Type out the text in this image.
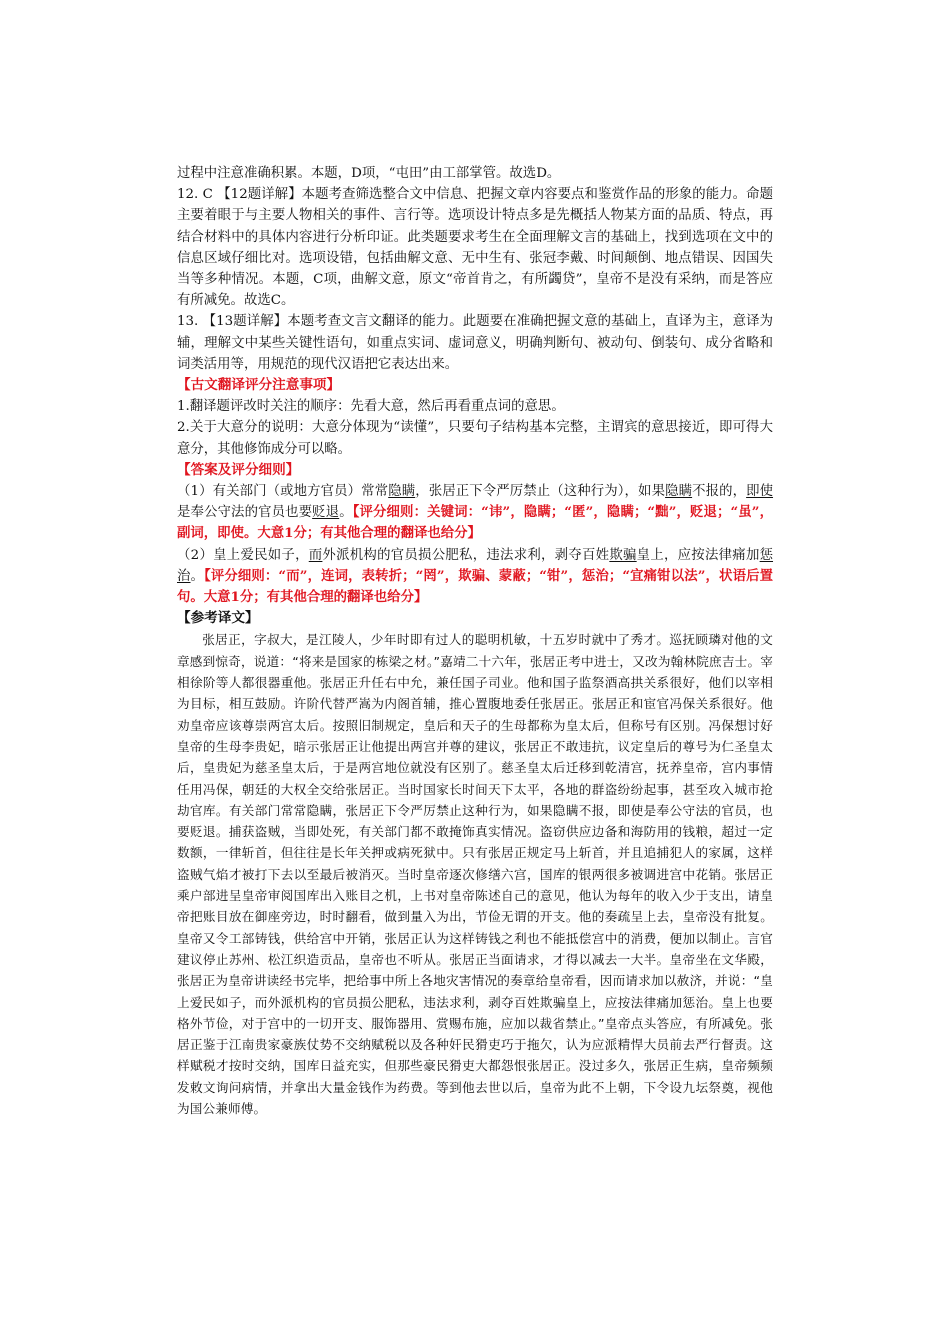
过程中注意准确积累。本题，D项，“屯田”由工部掌管。故选D。

12. C 【12题详解】本题考查筛选整合文中信息、把握文章内容要点和鉴赏作品的形象的能力。命题主要着眼于与主要人物相关的事件、言行等。选项设计特点多是先概括人物某方面的品质、特点，再结合材料中的具体内容进行分析印证。此类题要求考生在全面理解文言的基础上，找到选项在文中的信息区域仔细比对。选项设错，包括曲解文意、无中生有、张冠李戴、时间颠倒、地点错误、因国失当等多种情况。本题，C项，曲解文意，原文“帝首肯之，有所蠲贷”，皇帝不是没有采纳，而是答应有所减免。故选C。

13. 【13题详解】本题考查文言文翻译的能力。此题要在准确把握文意的基础上，直译为主，意译为辅，理解文中某些关键性语句，如重点实词、虚词意义，明确判断句、被动句、倒装句、成分省略和词类活用等，用规范的现代汉语把它表达出来。

【古文翻译评分注意事项】

1.翻译题评改时关注的顺序：先看大意，然后再看重点词的意思。

2.关于大意分的说明：大意分体现为“读懂”，只要句子结构基本完整，主谓宾的意思接近，即可得大意分，其他修饰成分可以略。

【答案及评分细则】

（1）有关部门（或地方官员）常常隐瞒，张居正下令严厉禁止（这种行为），如果隐瞒不报的，即使是奉公守法的官员也要贬退。【评分细则：关键词：“讳”，隐瞒；“匿”，隐瞒；“黜”，贬退；“虽”，副词，即使。大意1分；有其他合理的翻译也给分】

（2）皇上爱民如子，而外派机构的官员损公肥私，违法求利，剥夺百姓欺骗皇上，应按法律痛加惩治。【评分细则：“而”，连词，表转折；“罔”，欺骗、蒙蔽；“钳”，惩治；“宜痛钳以法”，状语后置句。大意1分；有其他合理的翻译也给分】

【参考译文】

张居正，字叔大，是江陵人，少年时即有过人的聪明机敏，十五岁时就中了秀才。巡抚顾璘对他的文章感到惊奇，说道：“将来是国家的栋梁之材。”嘉靖二十六年，张居正考中进士，又改为翰林院庶吉士。宰相徐阶等人都很器重他。张居正升任右中允，兼任国子司业。他和国子监祭酒高拱关系很好，他们以宰相为目标，相互鼓励。许阶代替严嵩为内阁首辅，推心置腹地委任张居正。张居正和宦官冯保关系很好。他劝皇帝应该尊崇两宫太后。按照旧制规定，皇后和天子的生母都称为皇太后，但称号有区别。冯保想讨好皇帝的生母李贵妃，暗示张居正让他提出两宫并尊的建议，张居正不敢违抗，议定皇后的尊号为仁圣皇太后，皇贵妃为慈圣皇太后，于是两宫地位就没有区别了。慈圣皇太后迁移到乾清宫，抚养皇帝，宫内事情任用冯保，朝廷的大权全交给张居正。当时国家长时间天下太平，各地的群盗纷纷起事，甚至攻入城市抢劫官库。有关部门常常隐瞒，张居正下令严厉禁止这种行为，如果隐瞒不报，即使是奉公守法的官员，也要贬退。捕获盗贼，当即处死，有关部门都不敢掩饰真实情况。盗窃供应边备和海防用的钱粮，超过一定数额，一律斩首，但往往是长年关押或病死狱中。只有张居正规定马上斩首，并且追捕犯人的家属，这样盗贼气焰才被打下去以至最后被消灭。当时皇帝逐次修缮六宫，国库的银两很多被调进宫中花销。张居正乘户部进呈皇帝审阅国库出入账目之机，上书对皇帝陈述自己的意见，他认为每年的收入少于支出，请皇帝把账目放在御座旁边，时时翻看，做到量入为出，节俭无谓的开支。他的奏疏呈上去，皇帝没有批复。皇帝又令工部铸钱，供给宫中开销，张居正认为这样铸钱之利也不能抵偿宫中的消费，便加以制止。言官建议停止苏州、松江织造贡品，皇帝也不听从。张居正当面请求，才得以减去一大半。皇帝坐在文华殿，张居正为皇帝讲读经书完毕，把给事中所上各地灾害情况的奏章给皇帝看，因而请求加以赦济，并说：“皇上爱民如子，而外派机构的官员损公肥私，违法求利，剥夺百姓欺骗皇上，应按法律痛加惩治。皇上也要格外节俭，对于宫中的一切开支、服饰器用、赏赐布施，应加以裁省禁止。”皇帝点头答应，有所减免。张居正鉴于江南贵家豪族仗势不交纳赋税以及各种奸民猾吏巧于拖欠，认为应派精悍大员前去严行督责。这样赋税才按时交纳，国库日益充实，但那些豪民猾吏大都怨恨张居正。没过多久，张居正生病，皇帝频频发敕文询问病情，并拿出大量金钱作为药费。等到他去世以后，皇帝为此不上朝，下令设九坛祭奠，视他为国公兼师傅。
